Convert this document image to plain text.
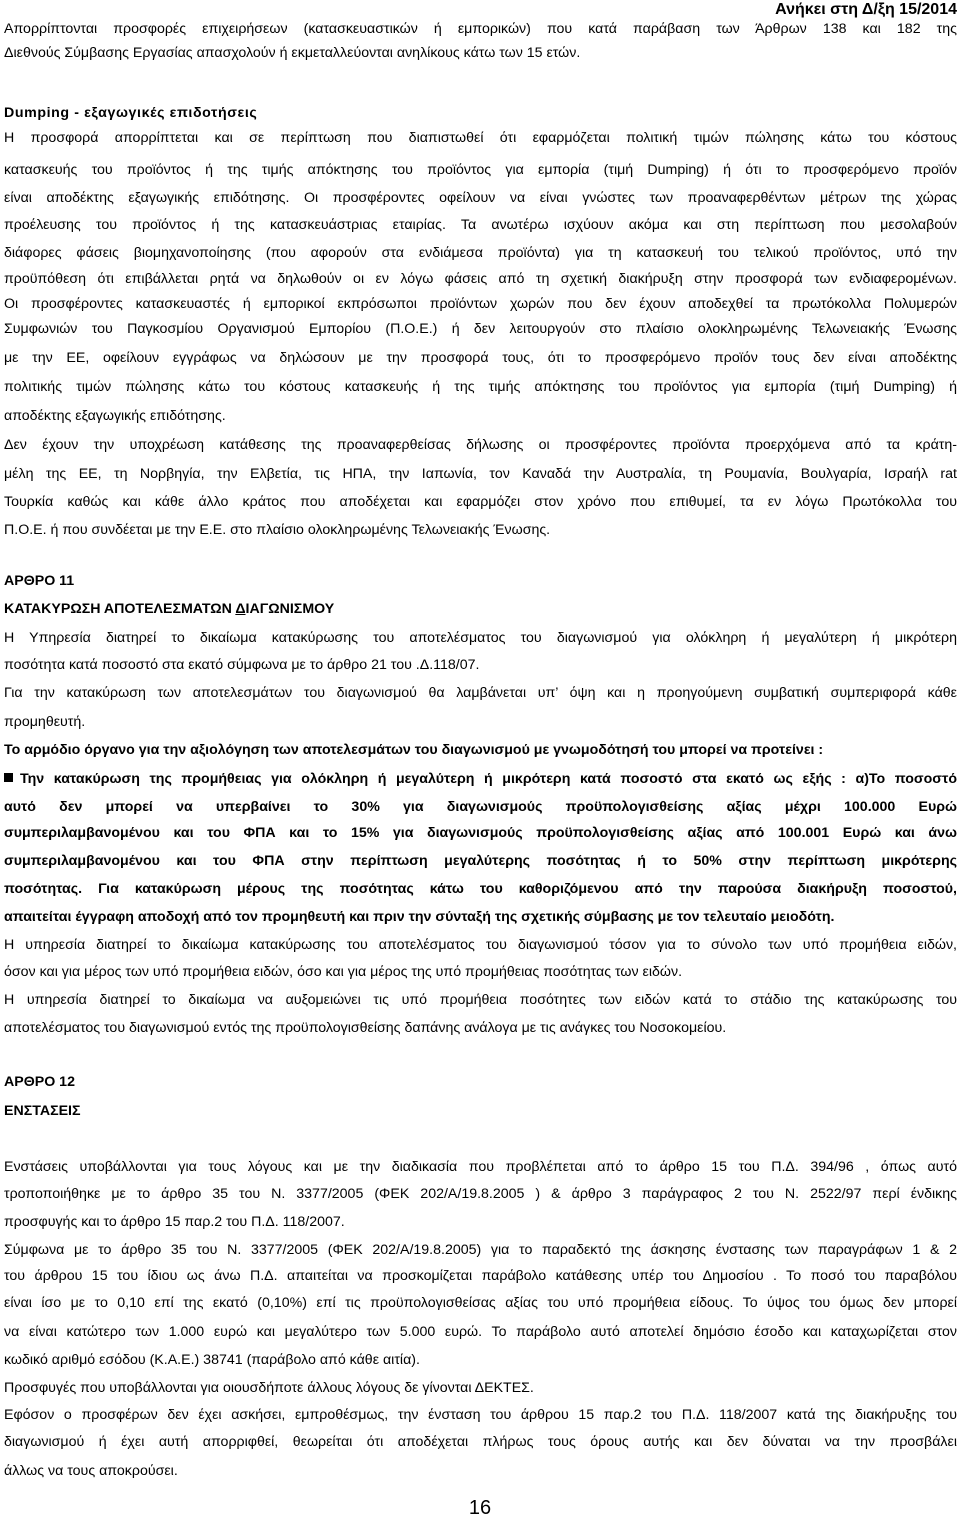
Ανήκει στη Δ/ξη 15/2014
Απορρίπτονται προσφορές επιχειρήσεων (κατασκευαστικών ή εμπορικών) που κατά παράβαση των Άρθρων 138 και 182 της
Διεθνούς Σύμβασης Εργασίας απασχολούν ή εκμεταλλεύονται ανηλίκους κάτω των 15 ετών.
Dumping - εξαγωγικές επιδοτήσεις
Η προσφορά απορρίπτεται και σε περίπτωση που διαπιστωθεί ότι εφαρμόζεται πολιτική τιμών πώλησης κάτω του κόστους
κατασκευής του προϊόντος ή της τιμής απόκτησης του προϊόντος για εμπορία (τιμή Dumping) ή ότι το προσφερόμενο προϊόν
είναι αποδέκτης εξαγωγικής επιδότησης. Οι προσφέροντες οφείλουν να είναι γνώστες των προαναφερθέντων μέτρων της χώρας
προέλευσης του προϊόντος ή της κατασκευάστριας εταιρίας. Τα ανωτέρω ισχύουν ακόμα και στη περίπτωση που μεσολαβούν
διάφορες φάσεις βιομηχανοποίησης (που αφορούν στα ενδιάμεσα προϊόντα) για τη κατασκευή του τελικού προϊόντος, υπό την
προϋπόθεση ότι επιβάλλεται ρητά να δηλωθούν οι εν λόγω φάσεις από τη σχετική διακήρυξη στην προσφορά των ενδιαφερομένων.
Οι προσφέροντες κατασκευαστές ή εμπορικοί εκπρόσωποι προϊόντων χωρών που δεν έχουν αποδεχθεί τα πρωτόκολλα Πολυμερών
Συμφωνιών του Παγκοσμίου Οργανισμού Εμπορίου (Π.Ο.Ε.) ή δεν λειτουργούν στο πλαίσιο ολοκληρωμένης Τελωνειακής Ένωσης
με την ΕΕ, οφείλουν εγγράφως να δηλώσουν με την προσφορά τους, ότι το προσφερόμενο προϊόν τους δεν είναι αποδέκτης
πολιτικής τιμών πώλησης κάτω του κόστους κατασκευής ή της τιμής απόκτησης του προϊόντος για εμπορία (τιμή Dumping) ή
αποδέκτης εξαγωγικής επιδότησης.
Δεν έχουν την υποχρέωση κατάθεσης της προαναφερθείσας δήλωσης οι προσφέροντες προϊόντα προερχόμενα από τα κράτη-
μέλη της ΕΕ, τη Νορβηγία, την Ελβετία, τις ΗΠΑ, την Ιαπωνία, τον Καναδά την Αυστραλία, τη Ρουμανία, Βουλγαρία, Ισραήλ rat
Τουρκία καθώς και κάθε άλλο κράτος που αποδέχεται και εφαρμόζει στον χρόνο που επιθυμεί, τα εν λόγω Πρωτόκολλα του
Π.Ο.Ε. ή που συνδέεται με την Ε.Ε. στο πλαίσιο ολοκληρωμένης Τελωνειακής Ένωσης.
ΑΡΘΡΟ 11
ΚΑΤΑΚΥΡΩΣΗ ΑΠΟΤΕΛΕΣΜΑΤΩΝ ΔΙΑΓΩΝΙΣΜΟΥ
Η Υπηρεσία διατηρεί το δικαίωμα κατακύρωσης του αποτελέσματος του διαγωνισμού για ολόκληρη ή μεγαλύτερη ή μικρότερη
ποσότητα κατά ποσοστό στα εκατό σύμφωνα με το άρθρο 21 του .Δ.118/07.
Για την κατακύρωση των αποτελεσμάτων του διαγωνισμού θα λαμβάνεται υπ’ όψη και η προηγούμενη συμβατική συμπεριφορά κάθε
προμηθευτή.
Το αρμόδιο όργανο για την αξιολόγηση των αποτελεσμάτων του διαγωνισμού με γνωμοδότησή του μπορεί να προτείνει :
Την κατακύρωση της προμήθειας για ολόκληρη ή μεγαλύτερη ή μικρότερη κατά ποσοστό στα εκατό ως εξής : α)Το ποσοστό
αυτό δεν μπορεί να υπερβαίνει το 30% για διαγωνισμούς προϋπολογισθείσης αξίας μέχρι 100.000 Ευρώ
συμπεριλαμβανομένου και του ΦΠΑ και το 15% για διαγωνισμούς προϋπολογισθείσης αξίας από 100.001 Ευρώ και άνω
συμπεριλαμβανομένου και του ΦΠΑ στην περίπτωση μεγαλύτερης ποσότητας ή το 50% στην περίπτωση μικρότερης
ποσότητας. Για κατακύρωση μέρους της ποσότητας κάτω του καθοριζόμενου από την παρούσα διακήρυξη ποσοστού,
απαιτείται έγγραφη αποδοχή από τον προμηθευτή και πριν την σύνταξή της σχετικής σύμβασης με τον τελευταίο μειοδότη.
Η υπηρεσία διατηρεί το δικαίωμα κατακύρωσης του αποτελέσματος του διαγωνισμού τόσον για το σύνολο των υπό προμήθεια ειδών,
όσον και για μέρος των υπό προμήθεια ειδών, όσο και για μέρος της υπό προμήθειας ποσότητας των ειδών.
Η υπηρεσία διατηρεί το δικαίωμα να αυξομειώνει τις υπό προμήθεια ποσότητες των ειδών κατά το στάδιο της κατακύρωσης του
αποτελέσματος του διαγωνισμού εντός της προϋπολογισθείσης δαπάνης ανάλογα με τις ανάγκες του Νοσοκομείου.
ΑΡΘΡΟ 12
ΕΝΣΤΑΣΕΙΣ
Ενστάσεις υποβάλλονται για τους λόγους και με την διαδικασία που προβλέπεται από το άρθρο 15 του Π.Δ. 394/96 , όπως αυτό
τροποποιήθηκε με το άρθρο 35 του Ν. 3377/2005 (ΦΕΚ 202/Α/19.8.2005 ) & άρθρο 3 παράγραφος 2 του Ν. 2522/97 περί ένδικης
προσφυγής και το άρθρο 15 παρ.2 του Π.Δ. 118/2007.
Σύμφωνα με το άρθρο 35 του Ν. 3377/2005 (ΦΕΚ 202/Α/19.8.2005) για το παραδεκτό της άσκησης ένστασης των παραγράφων 1 & 2
του άρθρου 15 του ίδιου ως άνω Π.Δ. απαιτείται να προσκομίζεται παράβολο κατάθεσης υπέρ του Δημοσίου . Το ποσό του παραβόλου
είναι ίσο με το 0,10 επί της εκατό (0,10%) επί τις προϋπολογισθείσας αξίας του υπό προμήθεια είδους. Το ύψος του όμως δεν μπορεί
να είναι κατώτερο των 1.000 ευρώ και μεγαλύτερο των 5.000 ευρώ. Το παράβολο αυτό αποτελεί δημόσιο έσοδο και καταχωρίζεται στον
κωδικό αριθμό εσόδου (Κ.Α.Ε.) 38741 (παράβολο από κάθε αιτία).
Προσφυγές που υποβάλλονται για οιουσδήποτε άλλους λόγους δε γίνονται ΔΕΚΤΕΣ.
Εφόσον ο προσφέρων δεν έχει ασκήσει, εμπροθέσμως, την ένσταση του άρθρου 15 παρ.2 του Π.Δ. 118/2007 κατά της διακήρυξης του
διαγωνισμού ή έχει αυτή απορριφθεί, θεωρείται ότι αποδέχεται πλήρως τους όρους αυτής και δεν δύναται να την προσβάλει
άλλως να τους αποκρούσει.
16
